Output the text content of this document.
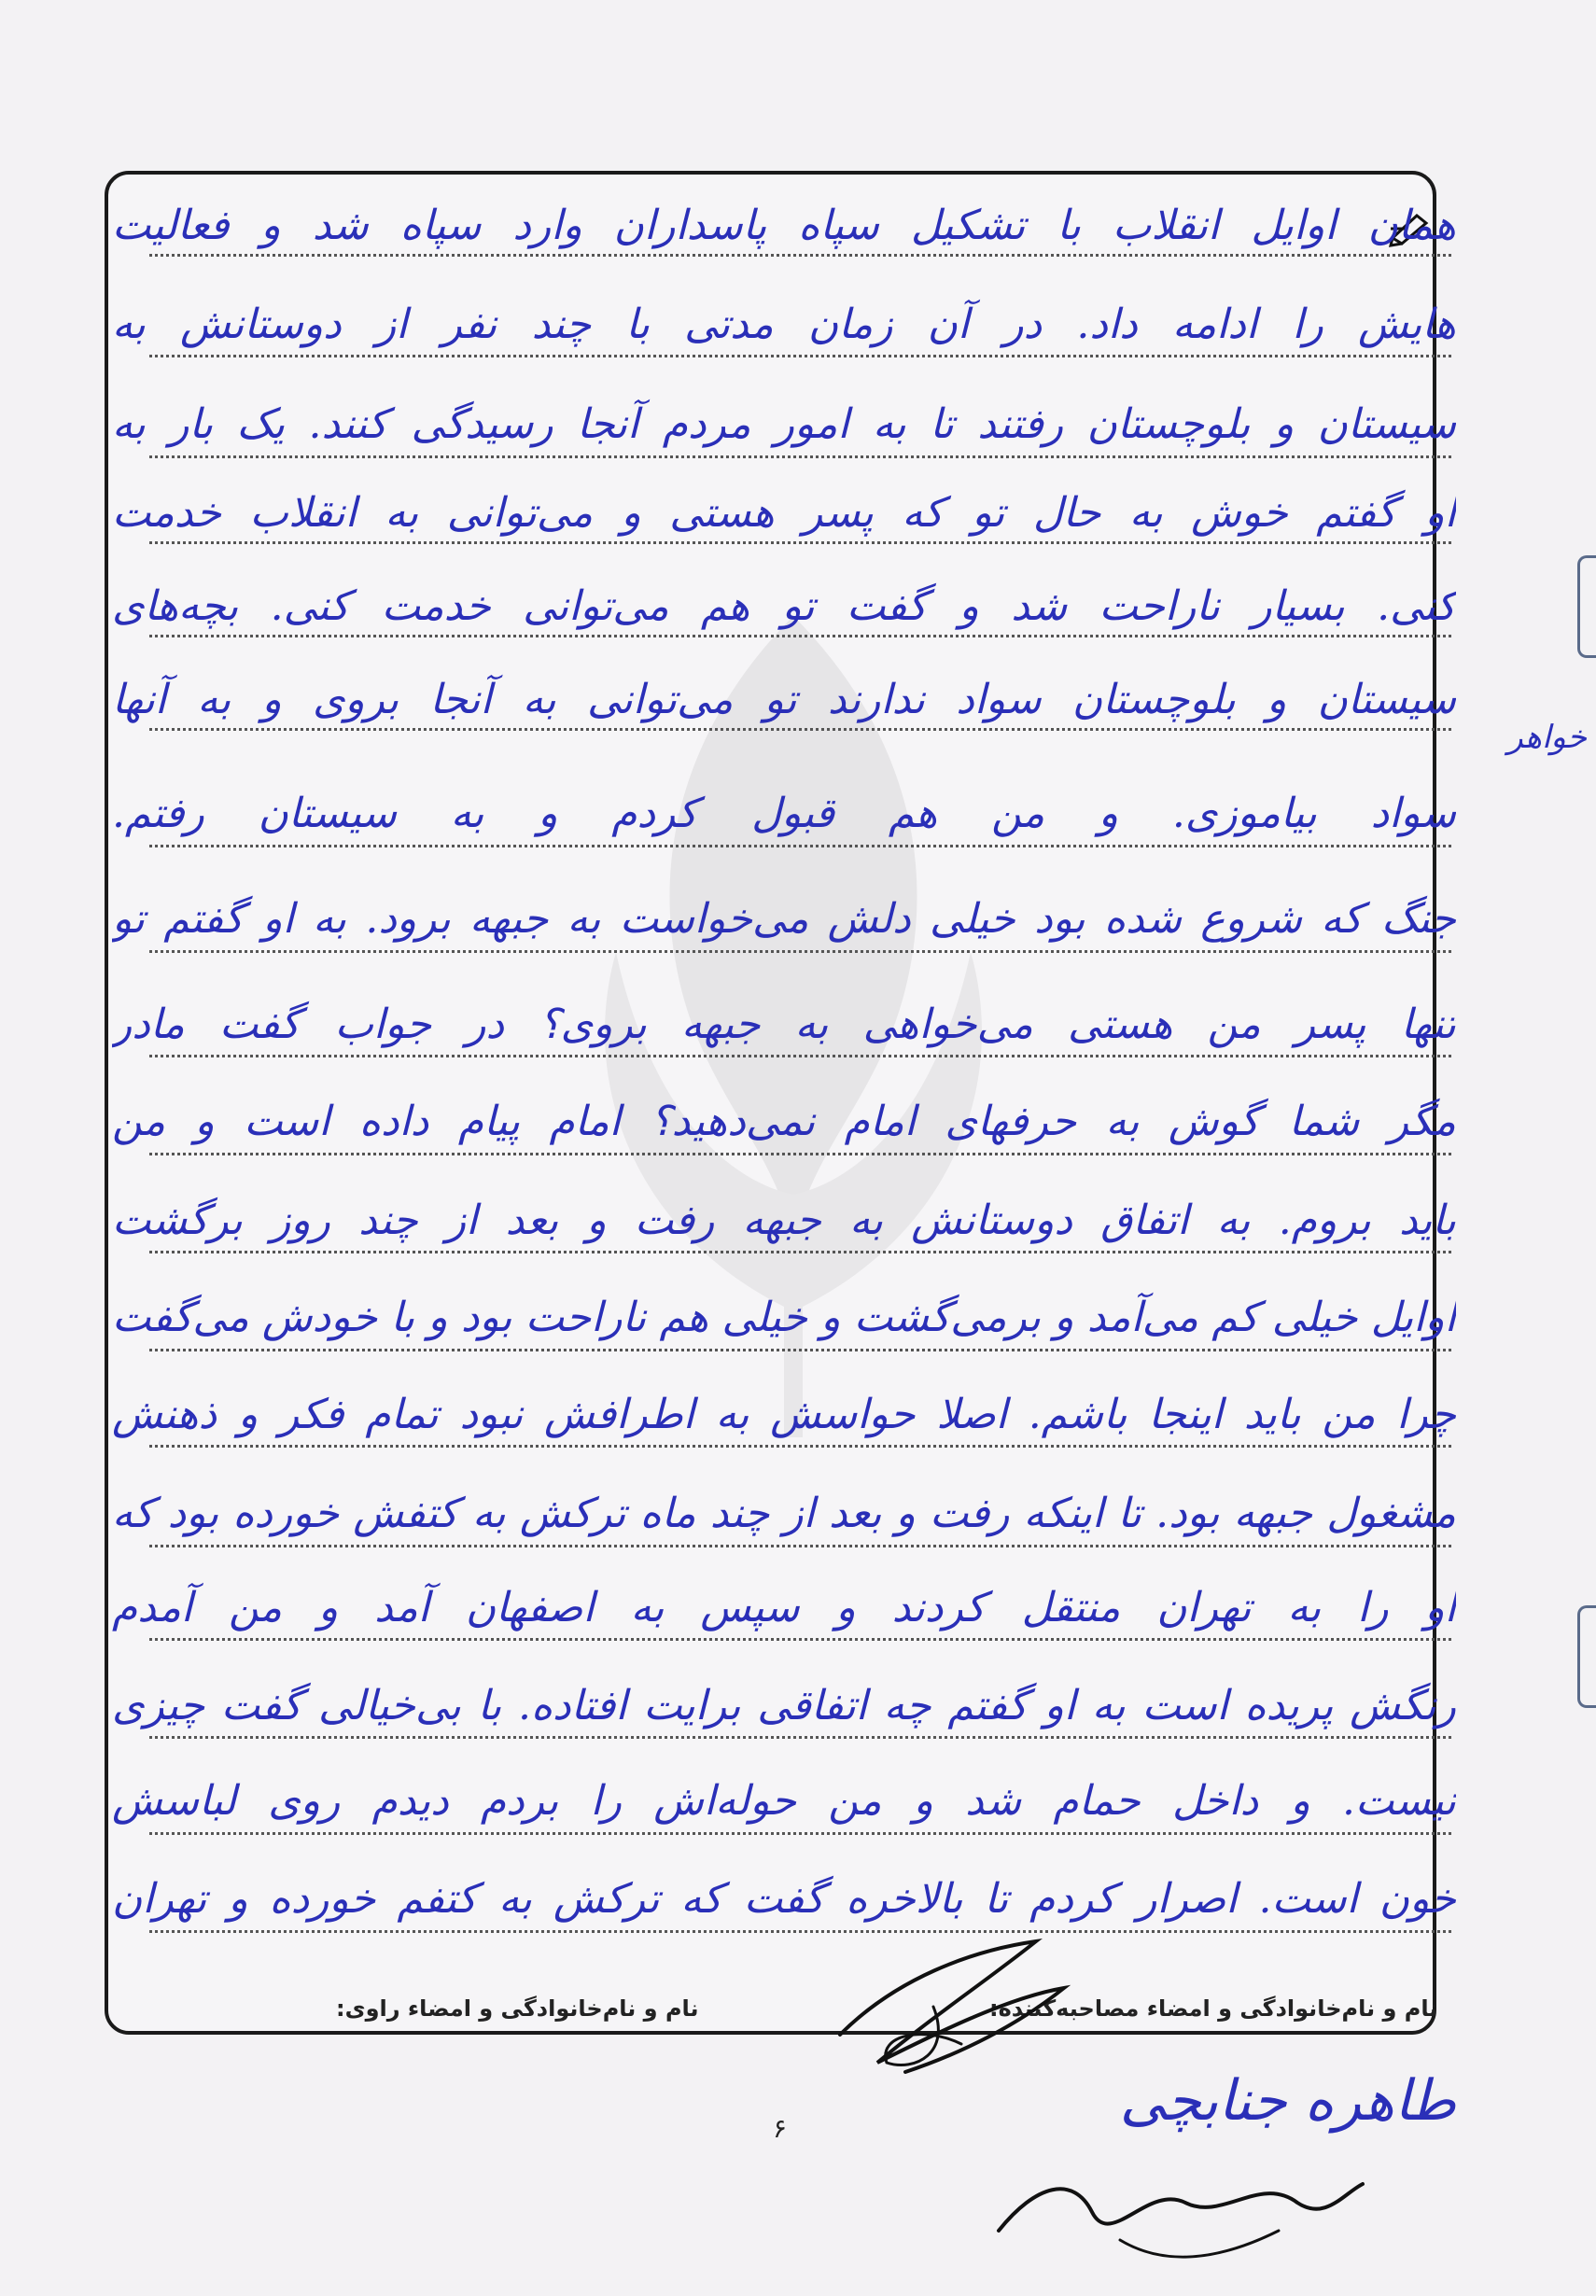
همان اوایل انقلاب با تشکیل سپاه پاسداران وارد سپاه شد و فعالیت
هایش را ادامه داد. در آن زمان مدتی با چند نفر از دوستانش به
سیستان و بلوچستان رفتند تا به امور مردم آنجا رسیدگی کنند. یک بار به
او گفتم خوش به حال تو که پسر هستی و می‌توانی به انقلاب خدمت
کنی. بسیار ناراحت شد و گفت تو هم می‌توانی خدمت کنی. بچه‌های
سیستان و بلوچستان سواد ندارند تو می‌توانی به آنجا بروی و به آنها
سواد بیاموزی. و من هم قبول کردم و به سیستان رفتم.
جنگ که شروع شده بود خیلی دلش می‌خواست به جبهه برود. به او گفتم تو
تنها پسر من هستی می‌خواهی به جبهه بروی؟ در جواب گفت مادر
مگر شما گوش به حرفهای امام نمی‌دهید؟ امام پیام داده است و من
باید بروم. به اتفاق دوستانش به جبهه رفت و بعد از چند روز برگشت
اوایل خیلی کم می‌آمد و برمی‌گشت و خیلی هم ناراحت بود و با خودش می‌گفت
چرا من باید اینجا باشم. اصلا حواسش به اطرافش نبود تمام فکر و ذهنش
مشغول جبهه بود. تا اینکه رفت و بعد از چند ماه ترکش به کتفش خورده بود که
او را به تهران منتقل کردند و سپس به اصفهان آمد و من آمدم
رنگش پریده است به او گفتم چه اتفاقی برایت افتاده. با بی‌خیالی گفت چیزی
نیست. و داخل حمام شد و من حوله‌اش را بردم دیدم روی لباسش
خون است. اصرار کردم تا بالاخره گفت که ترکش به کتفم خورده و تهران
خواهر
نام و نام‌خانوادگی و امضاء مصاحبه‌کننده:
نام و نام‌خانوادگی و امضاء راوی:
۶	طاهره جنابچی
